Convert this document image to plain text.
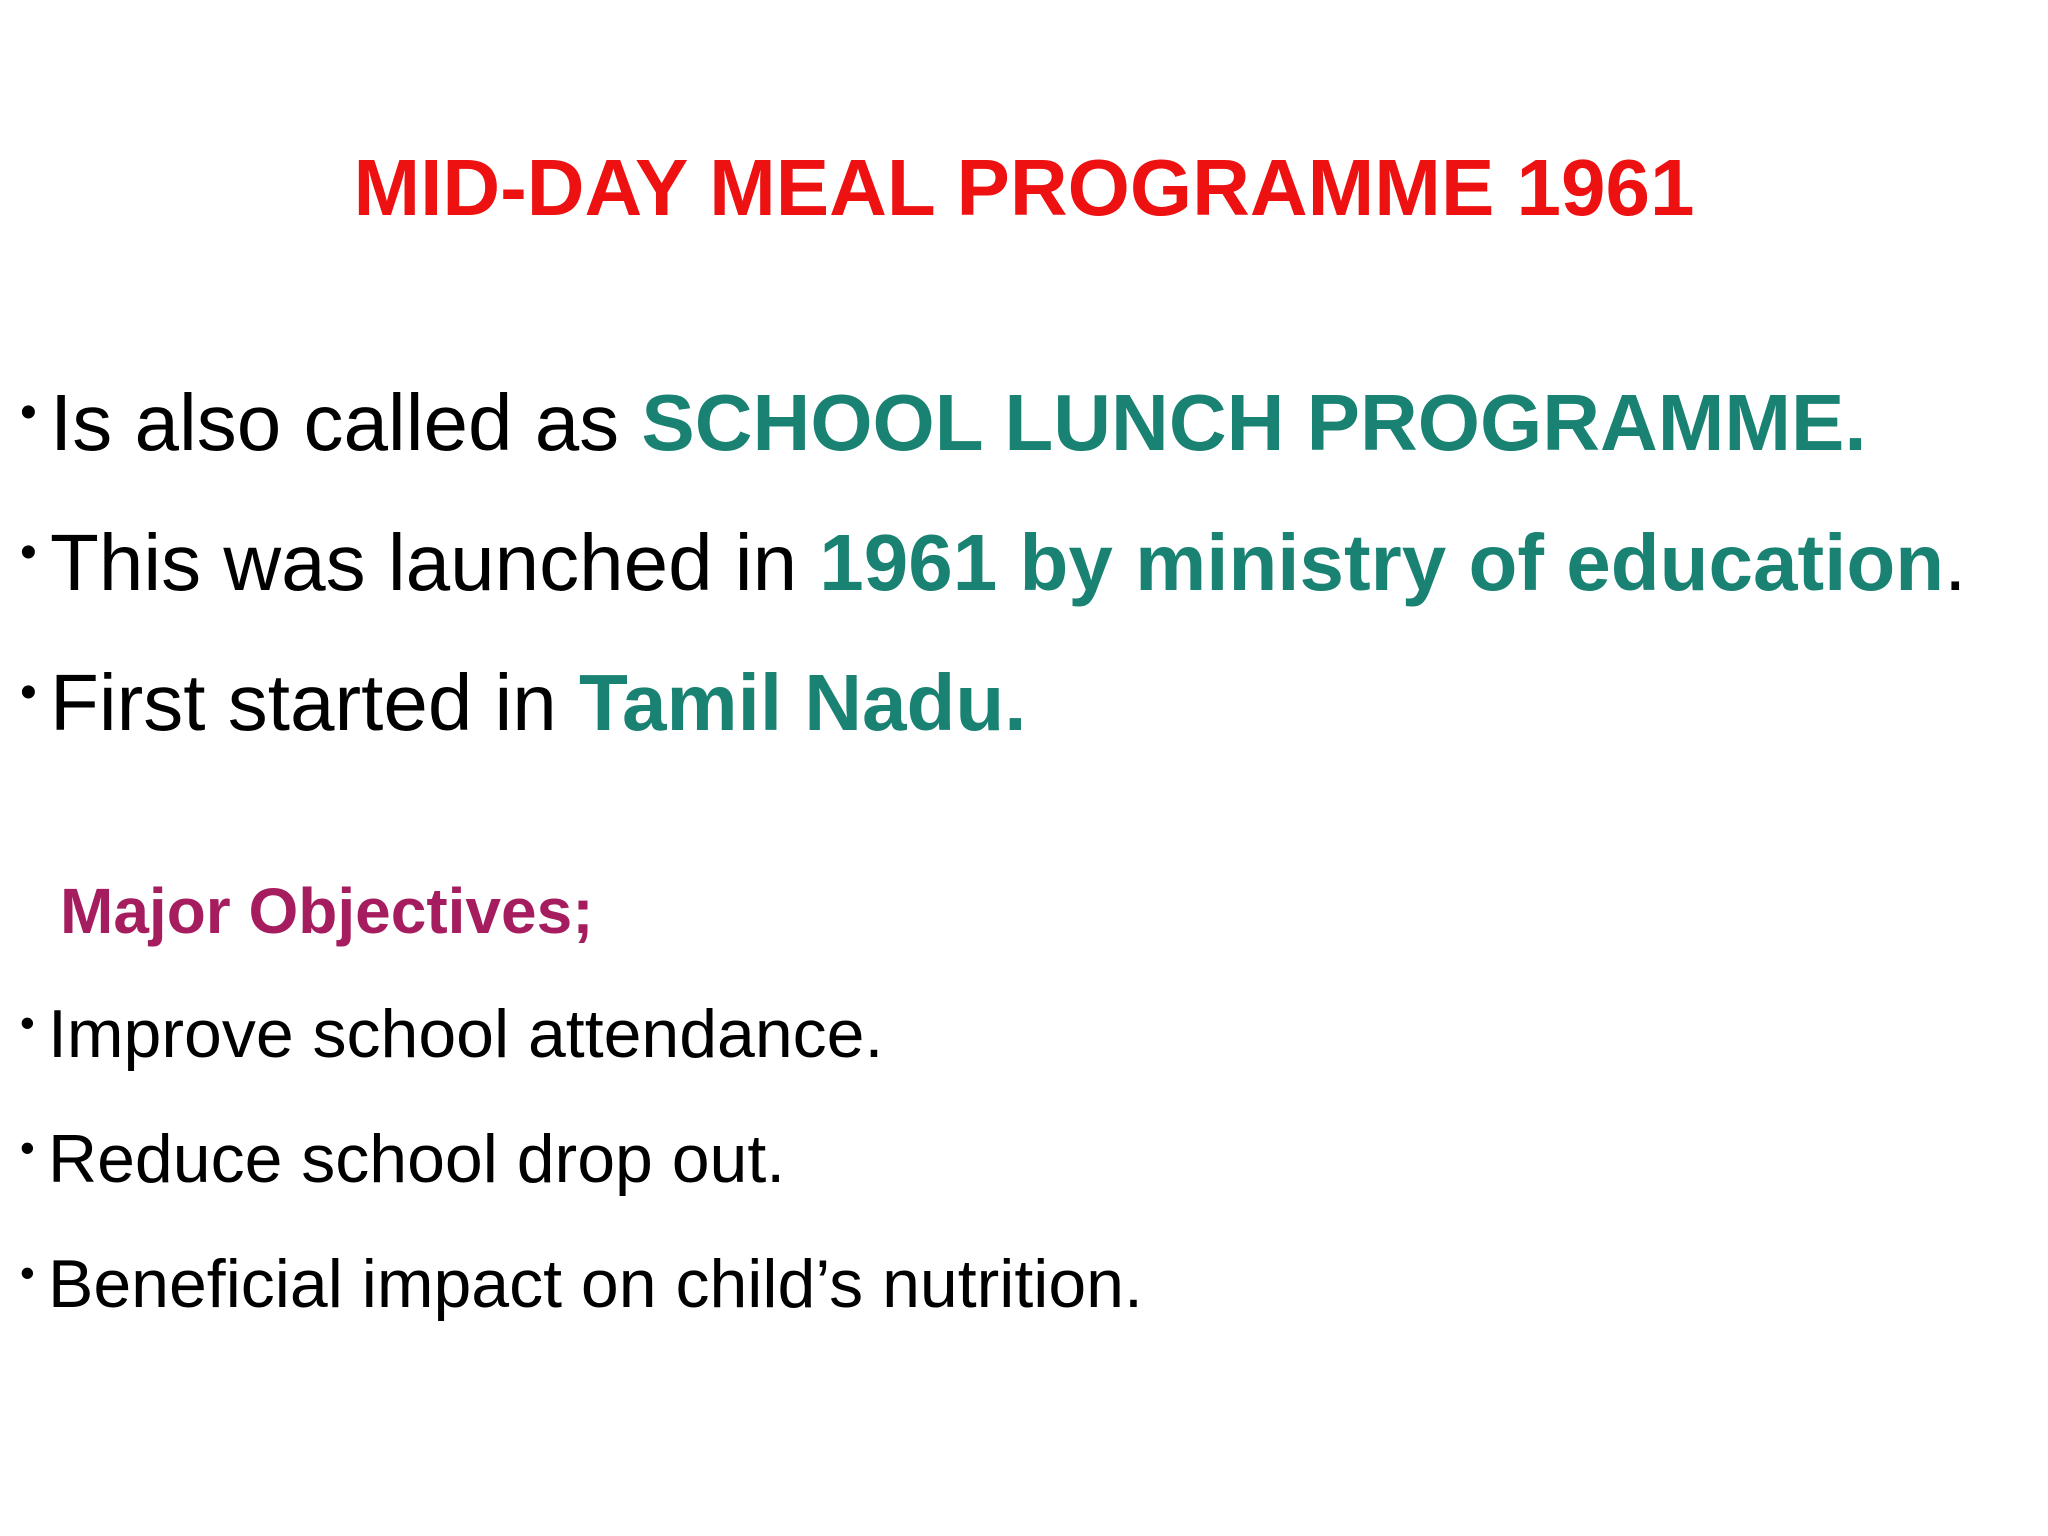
MID-DAY MEAL PROGRAMME 1961
• Is also called as SCHOOL LUNCH PROGRAMME.
• This was launched in 1961 by ministry of education.
• First started in Tamil Nadu.
Major Objectives;
• Improve school attendance.
• Reduce school drop out.
• Beneficial impact on child’s nutrition.
